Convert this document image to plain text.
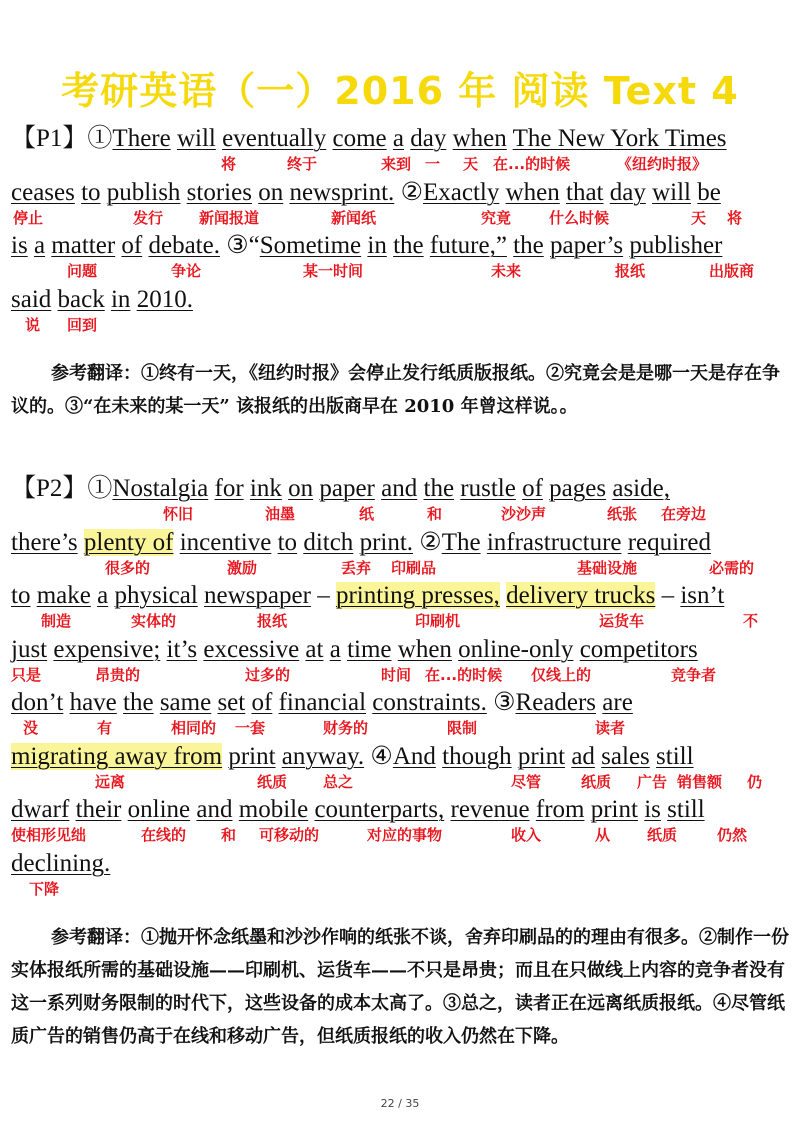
考研英语（一）2016 年 阅读 Text 4
【P1】①There will eventually come a day when The New York Times
将	终于	来到 一 天 在...的时候	《纽约时报》
ceases to publish stories on newsprint. ②Exactly when that day will be
停止	发行 新闻报道	新闻纸	究竟	什么时候	天 将
is a matter of debate. ③“Sometime in the future,” the paper’s publisher
问题	争论	某一时间	未来	报纸	出版商
said back in 2010.
说 回到
参考翻译：①终有一天，《纽约时报》会停止发行纸质版报纸。②究竟会是是哪一天是存在争议的。③“在未来的某一天” 该报纸的出版商早在 2010 年曾这样说。。
【P2】①Nostalgia for ink on paper and the rustle of pages aside,
怀旧	油墨	纸	和	沙沙声	纸张 在旁边
there’s plenty of incentive to ditch print. ②The infrastructure required
很多的	激励	丢弃 印刷品	基础设施	必需的
to make a physical newspaper – printing presses, delivery trucks – isn’t
制造	实体的	报纸	印刷机	运货车	不
just expensive; it’s excessive at a time when online-only competitors
只是	昂贵的	过多的	时间 在...的时候 仅线上的	竞争者
don’t have the same set of financial constraints. ③Readers are
没	有	相同的 一套	财务的	限制	读者
migrating away from print anyway. ④And though print ad sales still
远离	纸质 总之	尽管	纸质 广告 销售额 仍
dwarf their online and mobile counterparts, revenue from print is still
使相形见绌	在线的 和 可移动的	对应的事物	收入	从 纸质	仍然
declining.
下降
参考翻译：①抛开怀念纸墨和沙沙作响的纸张不谈，舍弃印刷品的的理由有很多。②制作一份实体报纸所需的基础设施——印刷机、运货车——不只是昂贵；而且在只做线上内容的竞争者没有这一系列财务限制的时代下，这些设备的成本太高了。③总之，读者正在远离纸质报纸。④尽管纸质广告的销售仍高于在线和移动广告，但纸质报纸的收入仍然在下降。
22 / 35
